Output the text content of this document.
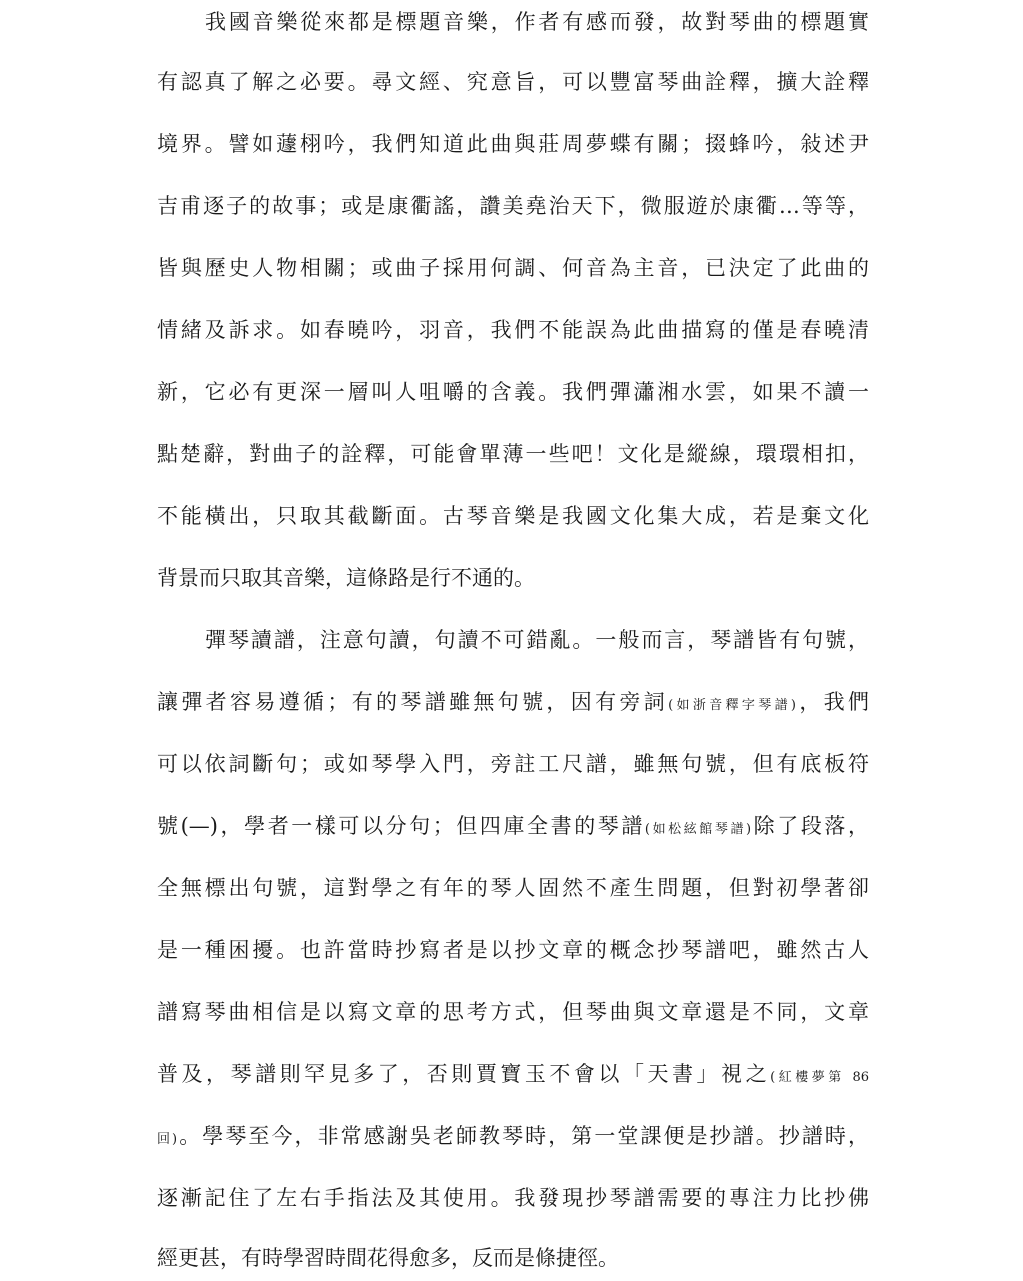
我國音樂從來都是標題音樂，作者有感而發，故對琴曲的標題實
有認真了解之必要。尋文經、究意旨，可以豐富琴曲詮釋，擴大詮釋
境界。譬如蘧栩吟，我們知道此曲與莊周夢蝶有關；掇蜂吟，敍述尹
吉甫逐子的故事；或是康衢謠，讚美堯治天下，微服遊於康衢…等等，
皆與歷史人物相關；或曲子採用何調、何音為主音，已決定了此曲的
情緒及訴求。如春曉吟，羽音，我們不能誤為此曲描寫的僅是春曉清
新，它必有更深一層叫人咀嚼的含義。我們彈瀟湘水雲，如果不讀一
點楚辭，對曲子的詮釋，可能會單薄一些吧！文化是縱線，環環相扣，
不能橫出，只取其截斷面。古琴音樂是我國文化集大成，若是棄文化
背景而只取其音樂，這條路是行不通的。
彈琴讀譜，注意句讀，句讀不可錯亂。一般而言，琴譜皆有句號，
讓彈者容易遵循；有的琴譜雖無句號，因有旁詞(如浙音釋字琴譜)，我們
可以依詞斷句；或如琴學入門，旁註工尺譜，雖無句號，但有底板符
號(—)，學者一樣可以分句；但四庫全書的琴譜(如松絃館琴譜)除了段落，
全無標出句號，這對學之有年的琴人固然不產生問題，但對初學著卻
是一種困擾。也許當時抄寫者是以抄文章的概念抄琴譜吧，雖然古人
譜寫琴曲相信是以寫文章的思考方式，但琴曲與文章還是不同，文章
普及，琴譜則罕見多了，否則賈寶玉不會以「天書」視之(紅樓夢第 86
回)。學琴至今，非常感謝吳老師教琴時，第一堂課便是抄譜。抄譜時，
逐漸記住了左右手指法及其使用。我發現抄琴譜需要的專注力比抄佛
經更甚，有時學習時間花得愈多，反而是條捷徑。
